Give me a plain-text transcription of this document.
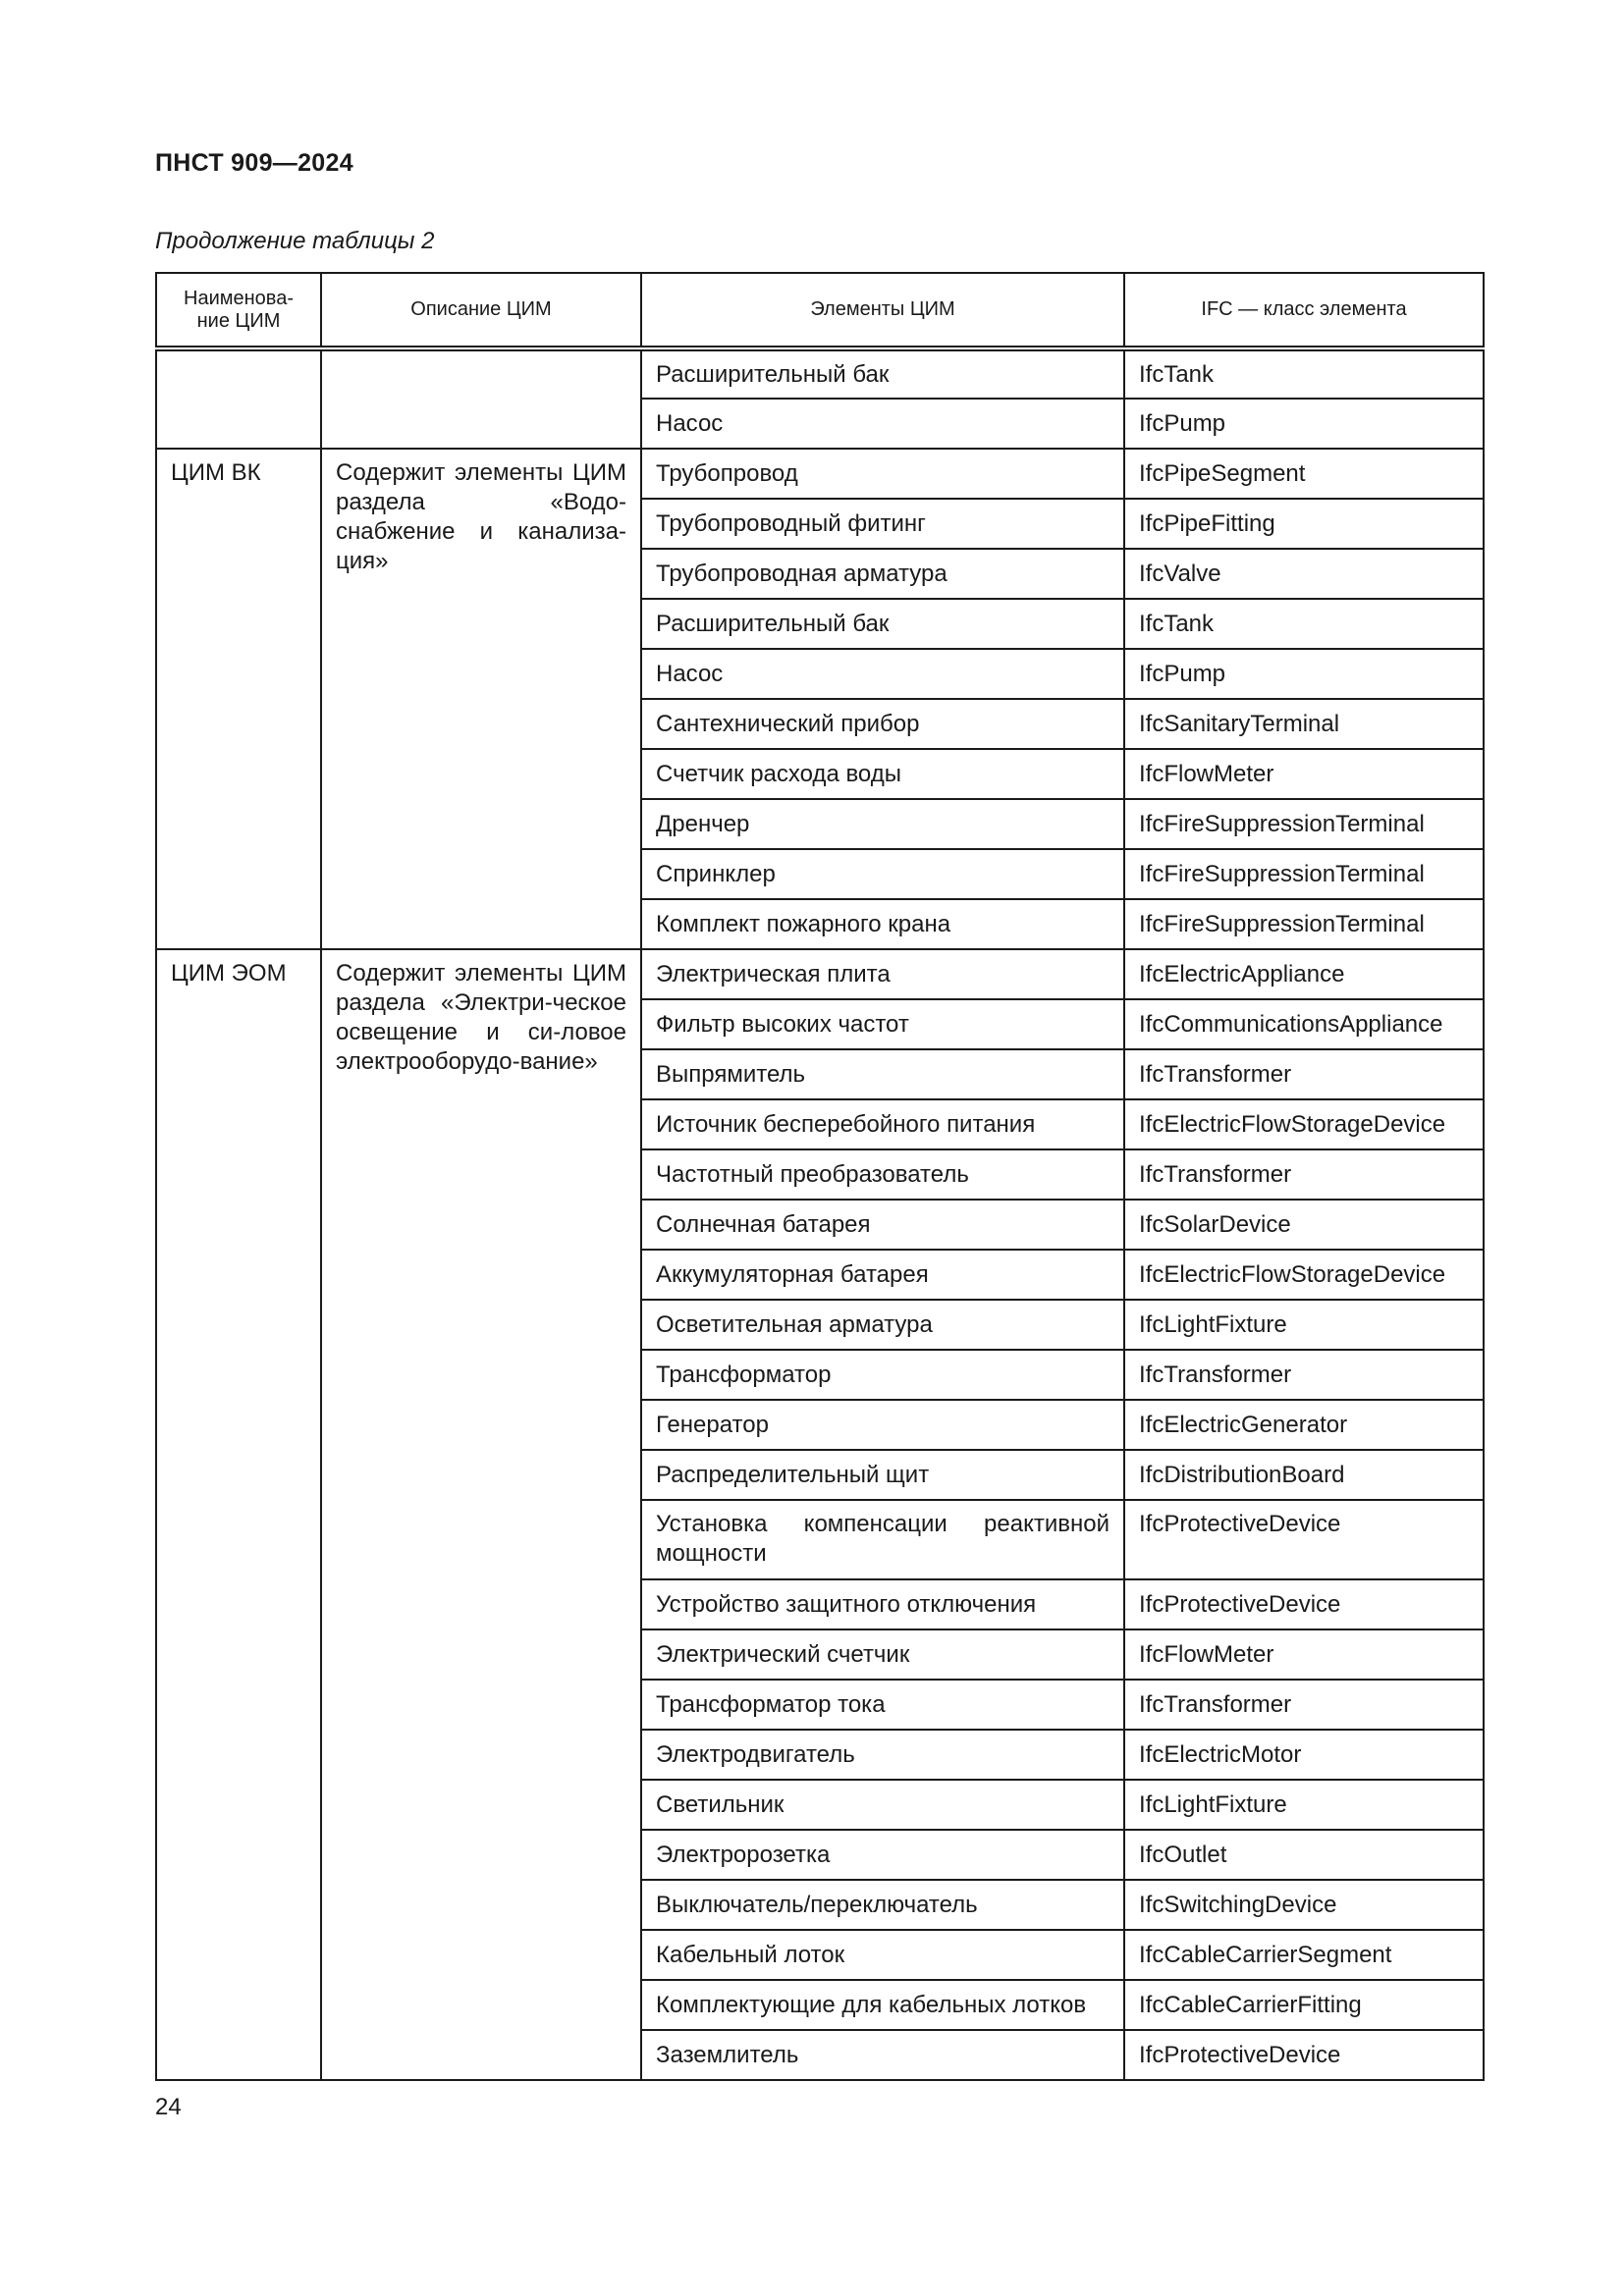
ПНСТ 909—2024
Продолжение таблицы 2
Наименова-
ние ЦИМ	Описание ЦИМ	Элементы ЦИМ	IFC — класс элемента
		Расширительный бак	IfcTank
		Насос	IfcPump
ЦИМ ВК	Содержит элементы ЦИМ раздела «Водо-снабжение и канализа-ция»	Трубопровод	IfcPipeSegment
		Трубопроводный фитинг	IfcPipeFitting
		Трубопроводная арматура	IfcValve
		Расширительный бак	IfcTank
		Насос	IfcPump
		Сантехнический прибор	IfcSanitaryTerminal
		Счетчик расхода воды	IfcFlowMeter
		Дренчер	IfcFireSuppressionTerminal
		Спринклер	IfcFireSuppressionTerminal
		Комплект пожарного крана	IfcFireSuppressionTerminal
ЦИМ ЭОМ	Содержит элементы ЦИМ раздела «Электри-ческое освещение и си-ловое электрооборудо-вание»	Электрическая плита	IfcElectricAppliance
		Фильтр высоких частот	IfcCommunicationsAppliance
		Выпрямитель	IfcTransformer
		Источник бесперебойного питания	IfcElectricFlowStorageDevice
		Частотный преобразователь	IfcTransformer
		Солнечная батарея	IfcSolarDevice
		Аккумуляторная батарея	IfcElectricFlowStorageDevice
		Осветительная арматура	IfcLightFixture
		Трансформатор	IfcTransformer
		Генератор	IfcElectricGenerator
		Распределительный щит	IfcDistributionBoard
		Установка компенсации реактивной мощности	IfcProtectiveDevice
		Устройство защитного отключения	IfcProtectiveDevice
		Электрический счетчик	IfcFlowMeter
		Трансформатор тока	IfcTransformer
		Электродвигатель	IfcElectricMotor
		Светильник	IfcLightFixture
		Электророзетка	IfcOutlet
		Выключатель/переключатель	IfcSwitchingDevice
		Кабельный лоток	IfcCableCarrierSegment
		Комплектующие для кабельных лотков	IfcCableCarrierFitting
		Заземлитель	IfcProtectiveDevice
24
